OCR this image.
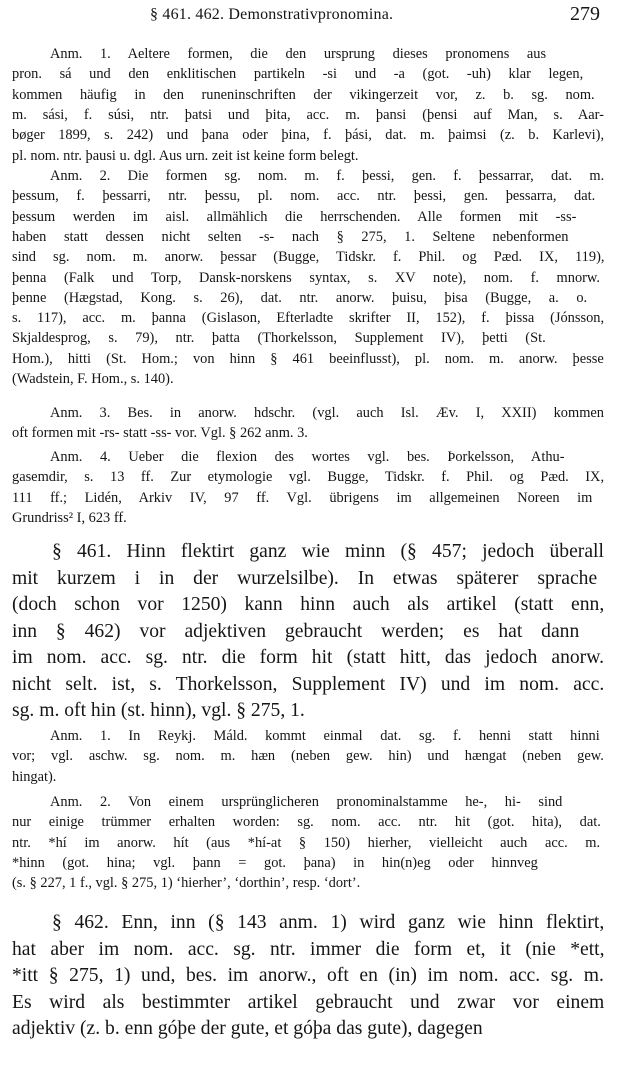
§ 461. 462. Demonstrativpronomina.	279
Anm. 1. Aeltere formen, die den ursprung dieses pronomens aus
pron. sá und den enklitischen partikeln -si und -a (got. -uh) klar legen,
kommen häufig in den runeninschriften der vikingerzeit vor, z. b. sg. nom.
m. sási, f. súsi, ntr. þatsi und þita, acc. m. þansi (þensi auf Man, s. Aar-
bøger 1899, s. 242) und þana oder þina, f. þási, dat. m. þaimsi (z. b. Karlevi),
pl. nom. ntr. þausi u. dgl. Aus urn. zeit ist keine form belegt.
Anm. 2. Die formen sg. nom. m. f. þessi, gen. f. þessarrar, dat. m.
þessum, f. þessarri, ntr. þessu, pl. nom. acc. ntr. þessi, gen. þessarra, dat.
þessum werden im aisl. allmählich die herrschenden. Alle formen mit -ss-
haben statt dessen nicht selten -s- nach § 275, 1. Seltene nebenformen
sind sg. nom. m. anorw. þessar (Bugge, Tidskr. f. Phil. og Pæd. IX, 119),
þenna (Falk und Torp, Dansk-norskens syntax, s. XV note), nom. f. mnorw.
þenne (Hægstad, Kong. s. 26), dat. ntr. anorw. þuisu, þisa (Bugge, a. o.
s. 117), acc. m. þanna (Gislason, Efterladte skrifter II, 152), f. þissa (Jónsson,
Skjaldesprog, s. 79), ntr. þatta (Thorkelsson, Supplement IV), þetti (St.
Hom.), hitti (St. Hom.; von hinn § 461 beeinflusst), pl. nom. m. anorw. þesse
(Wadstein, F. Hom., s. 140).
Anm. 3. Bes. in anorw. hdschr. (vgl. auch Isl. Æv. I, XXII) kommen
oft formen mit -rs- statt -ss- vor. Vgl. § 262 anm. 3.
Anm. 4. Ueber die flexion des wortes vgl. bes. Þorkelsson, Athu-
gasemdir, s. 13 ff. Zur etymologie vgl. Bugge, Tidskr. f. Phil. og Pæd. IX,
111 ff.; Lidén, Arkiv IV, 97 ff. Vgl. übrigens im allgemeinen Noreen im
Grundriss² I, 623 ff.
§ 461. Hinn flektirt ganz wie minn (§ 457; jedoch überall
mit kurzem i in der wurzelsilbe). In etwas späterer sprache
(doch schon vor 1250) kann hinn auch als artikel (statt enn,
inn § 462) vor adjektiven gebraucht werden; es hat dann
im nom. acc. sg. ntr. die form hit (statt hitt, das jedoch anorw.
nicht selt. ist, s. Thorkelsson, Supplement IV) und im nom. acc.
sg. m. oft hin (st. hinn), vgl. § 275, 1.
Anm. 1. In Reykj. Máld. kommt einmal dat. sg. f. henni statt hinni
vor; vgl. aschw. sg. nom. m. hæn (neben gew. hin) und hængat (neben gew.
hingat).
Anm. 2. Von einem ursprünglicheren pronominalstamme he-, hi- sind
nur einige trümmer erhalten worden: sg. nom. acc. ntr. hit (got. hita), dat.
ntr. *hí im anorw. hít (aus *hí-at § 150) hierher, vielleicht auch acc. m.
*hinn (got. hina; vgl. þann = got. þana) in hin(n)eg oder hinnveg
(s. § 227, 1 f., vgl. § 275, 1) ‘hierher’, ‘dorthin’, resp. ‘dort’.
§ 462. Enn, inn (§ 143 anm. 1) wird ganz wie hinn flektirt,
hat aber im nom. acc. sg. ntr. immer die form et, it (nie *ett,
*itt § 275, 1) und, bes. im anorw., oft en (in) im nom. acc. sg. m.
Es wird als bestimmter artikel gebraucht und zwar vor einem
adjektiv (z. b. enn góþe der gute, et góþa das gute), dagegen
